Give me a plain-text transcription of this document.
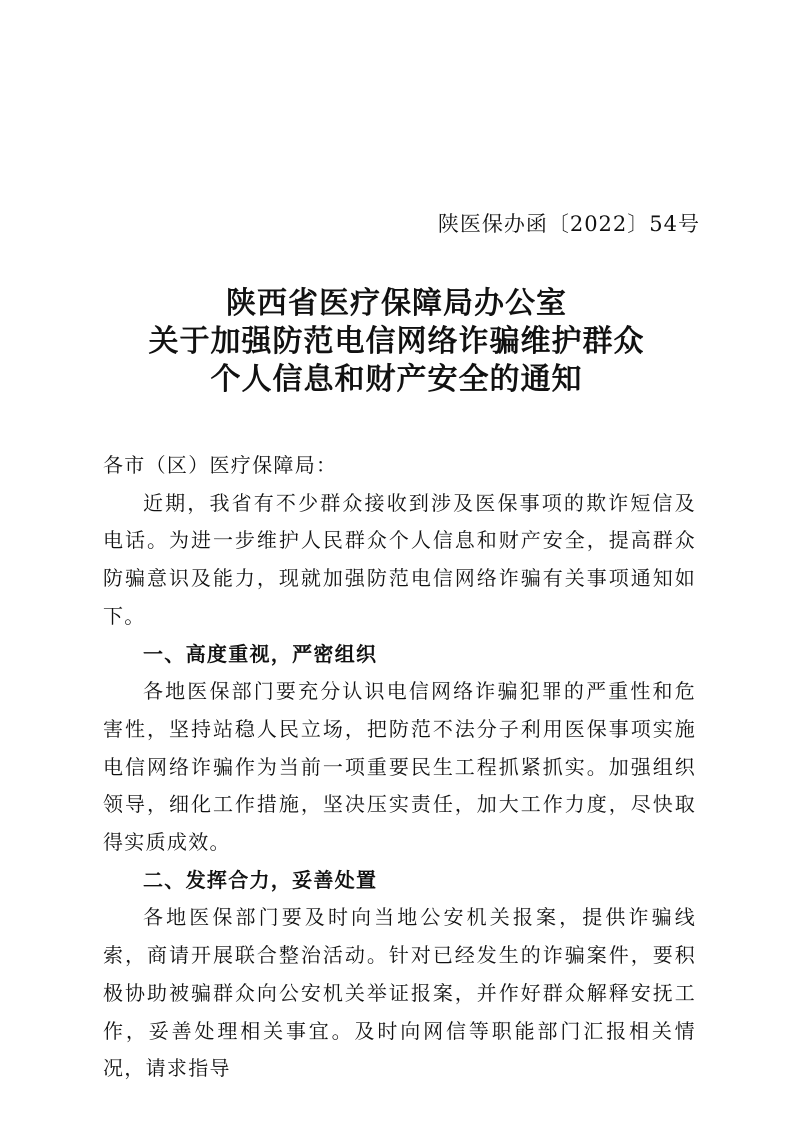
陕医保办函〔2022〕54号
陕西省医疗保障局办公室
关于加强防范电信网络诈骗维护群众
个人信息和财产安全的通知

各市（区）医疗保障局：

近期，我省有不少群众接收到涉及医保事项的欺诈短信及电话。为进一步维护人民群众个人信息和财产安全，提高群众防骗意识及能力，现就加强防范电信网络诈骗有关事项通知如下。

一、高度重视，严密组织

各地医保部门要充分认识电信网络诈骗犯罪的严重性和危害性，坚持站稳人民立场，把防范不法分子利用医保事项实施电信网络诈骗作为当前一项重要民生工程抓紧抓实。加强组织领导，细化工作措施，坚决压实责任，加大工作力度，尽快取得实质成效。

二、发挥合力，妥善处置

各地医保部门要及时向当地公安机关报案，提供诈骗线索，商请开展联合整治活动。针对已经发生的诈骗案件，要积极协助被骗群众向公安机关举证报案，并作好群众解释安抚工作，妥善处理相关事宜。及时向网信等职能部门汇报相关情况，请求指导
